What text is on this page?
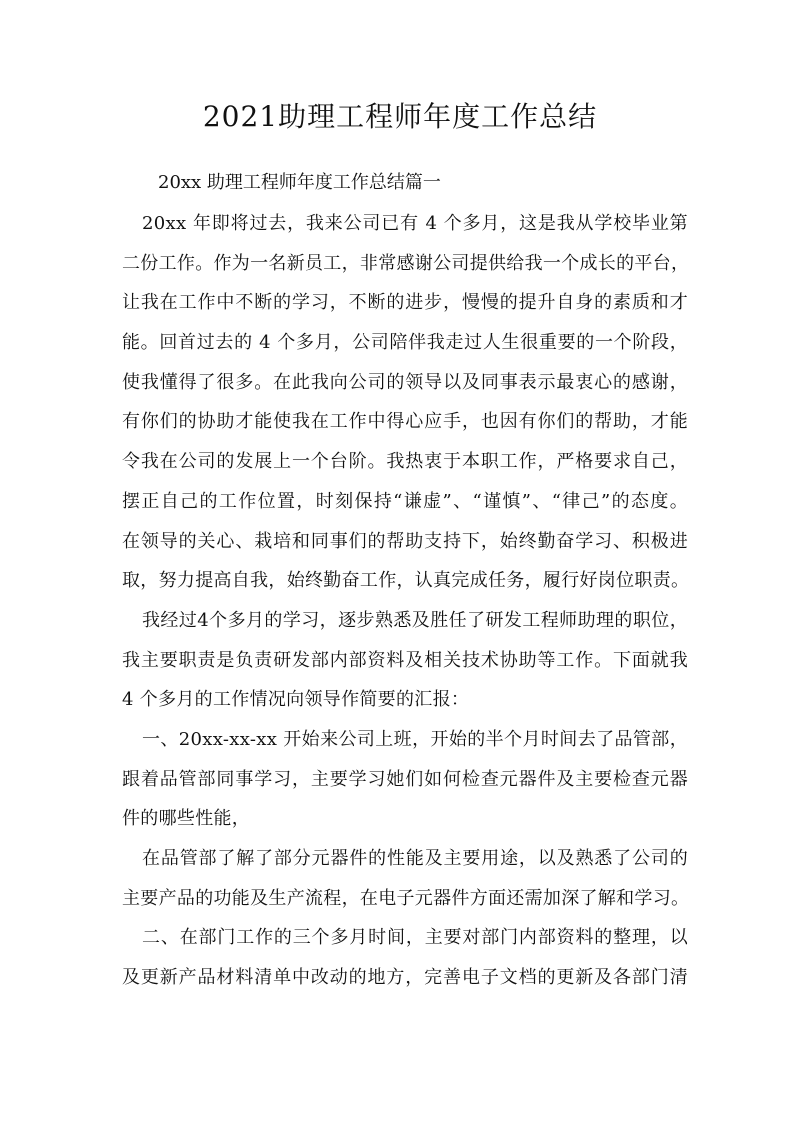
2021助理工程师年度工作总结

20xx 助理工程师年度工作总结篇一

20xx 年即将过去，我来公司已有 4 个多月，这是我从学校毕业第
二份工作。作为一名新员工，非常感谢公司提供给我一个成长的平台，
让我在工作中不断的学习，不断的进步，慢慢的提升自身的素质和才
能。回首过去的 4 个多月，公司陪伴我走过人生很重要的一个阶段，
使我懂得了很多。在此我向公司的领导以及同事表示最衷心的感谢，
有你们的协助才能使我在工作中得心应手，也因有你们的帮助，才能
令我在公司的发展上一个台阶。我热衷于本职工作，严格要求自己，
摆正自己的工作位置，时刻保持“谦虚”、“谨慎”、“律己”的态度。
在领导的关心、栽培和同事们的帮助支持下，始终勤奋学习、积极进
取，努力提高自我，始终勤奋工作，认真完成任务，履行好岗位职责。
我经过4个多月的学习，逐步熟悉及胜任了研发工程师助理的职位，
我主要职责是负责研发部内部资料及相关技术协助等工作。下面就我
4 个多月的工作情况向领导作简要的汇报：
一、20xx-xx-xx 开始来公司上班，开始的半个月时间去了品管部，
跟着品管部同事学习，主要学习她们如何检查元器件及主要检查元器
件的哪些性能，
在品管部了解了部分元器件的性能及主要用途，以及熟悉了公司的
主要产品的功能及生产流程，在电子元器件方面还需加深了解和学习。
二、在部门工作的三个多月时间，主要对部门内部资料的整理，以
及更新产品材料清单中改动的地方，完善电子文档的更新及各部门清
